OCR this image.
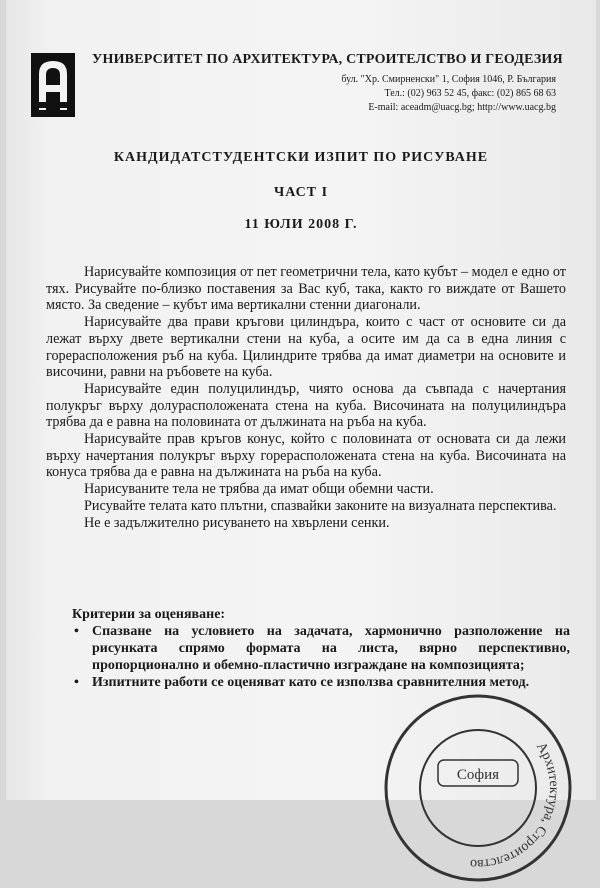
УНИВЕРСИТЕТ ПО АРХИТЕКТУРА, СТРОИТЕЛСТВО И ГЕОДЕЗИЯ
бул. "Хр. Смирненски" 1, София 1046, Р. България
Тел.: (02) 963 52 45, факс: (02) 865 68 63
E-mail: aceadm@uacg.bg; http://www.uacg.bg
КАНДИДАТСТУДЕНТСКИ ИЗПИТ ПО РИСУВАНЕ
ЧАСТ І
11 ЮЛИ 2008 Г.

Нарисувайте композиция от пет геометрични тела, като кубът – модел е едно от тях. Рисувайте по-близко поставения за Вас куб, така, както го виждате от Вашето място. За сведение – кубът има вертикални стенни диагонали.

Нарисувайте два прави кръгови цилиндъра, които с част от основите си да лежат върху двете вертикални стени на куба, а осите им да са в една линия с горерасположения ръб на куба. Цилиндрите трябва да имат диаметри на основите и височини, равни на ръбовете на куба.

Нарисувайте един полуцилиндър, чиято основа да съвпада с начертания полукръг върху долурасположената стена на куба. Височината на полуцилиндъра трябва да е равна на половината от дължината на ръба на куба.

Нарисувайте прав кръгов конус, който с половината от основата си да лежи върху начертания полукръг върху горерасположената стена на куба. Височината на конуса трябва да е равна на дължината на ръба на куба.

Нарисуваните тела не трябва да имат общи обемни части.

Рисувайте телата като плътни, спазвайки законите на визуалната перспектива.

Не е задължително рисуването на хвърлени сенки.

Критерии за оценяване:
• Спазване на условието на задачата, хармонично разположение на рисунката спрямо формата на листа, вярно перспективно, пропорционално и обемно-пластично изграждане на композицията;
• Изпитните работи се оценяват като се използва сравнителния метод.
Архитектура, Строителство
София
